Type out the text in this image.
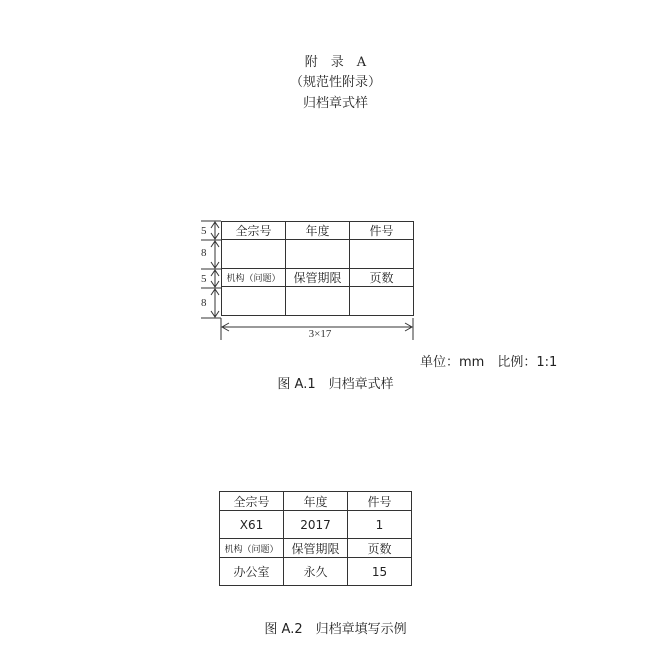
附　录　A
（规范性附录）
归档章式样
5
8
5
8
3×17
全宗号	年度	件号

机构（问题）	保管期限	页数

单位：mm　比例：1:1
图 A.1　归档章式样
全宗号	年度	件号
X61	2017	1
机构（问题）	保管期限	页数
办公室	永久	15
图 A.2　归档章填写示例
